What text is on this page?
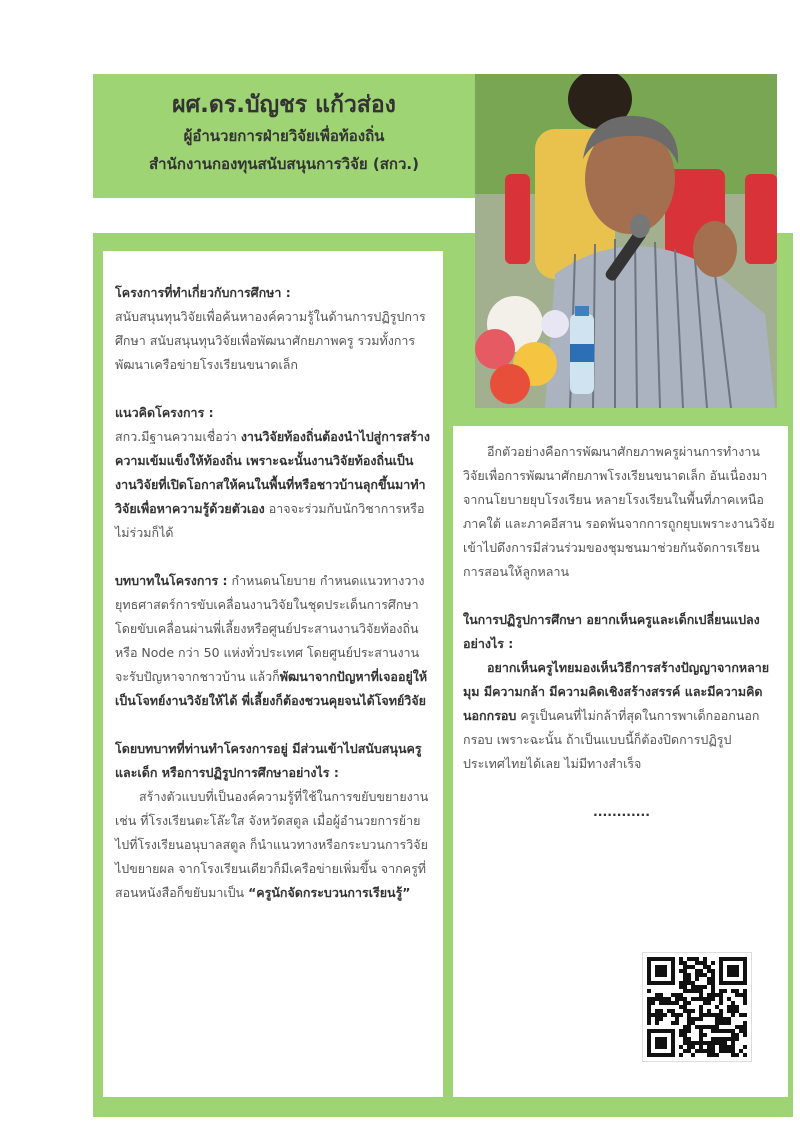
ผศ.ดร.บัญชร แก้วส่อง
ผู้อำนวยการฝ่ายวิจัยเพื่อท้องถิ่น
สำนักงานกองทุนสนับสนุนการวิจัย (สกว.)

โครงการที่ทำเกี่ยวกับการศึกษา :

สนับสนุนทุนวิจัยเพื่อค้นหาองค์ความรู้ในด้านการปฏิรูปการศึกษา สนับสนุนทุนวิจัยเพื่อพัฒนาศักยภาพครู รวมทั้งการพัฒนาเครือข่ายโรงเรียนขนาดเล็ก

แนวคิดโครงการ :

สกว.มีฐานความเชื่อว่า งานวิจัยท้องถิ่นต้องนำไปสู่การสร้างความเข้มแข็งให้ท้องถิ่น เพราะฉะนั้นงานวิจัยท้องถิ่นเป็นงานวิจัยที่เปิดโอกาสให้คนในพื้นที่หรือชาวบ้านลุกขึ้นมาทำวิจัยเพื่อหาความรู้ด้วยตัวเอง อาจจะร่วมกับนักวิชาการหรือไม่ร่วมก็ได้

บทบาทในโครงการ : กำหนดนโยบาย กำหนดแนวทางวางยุทธศาสตร์การขับเคลื่อนงานวิจัยในชุดประเด็นการศึกษา โดยขับเคลื่อนผ่านพี่เลี้ยงหรือศูนย์ประสานงานวิจัยท้องถิ่น หรือ Node กว่า 50 แห่งทั่วประเทศ โดยศูนย์ประสานงานจะรับปัญหาจากชาวบ้าน แล้วก็พัฒนาจากปัญหาที่เจออยู่ให้เป็นโจทย์งานวิจัยให้ได้ พี่เลี้ยงก็ต้องชวนคุยจนได้โจทย์วิจัย

โดยบทบาทที่ท่านทำโครงการอยู่ มีส่วนเข้าไปสนับสนุนครูและเด็ก หรือการปฏิรูปการศึกษาอย่างไร :

สร้างตัวแบบที่เป็นองค์ความรู้ที่ใช้ในการขยับขยายงาน เช่น ที่โรงเรียนตะโล๊ะใส จังหวัดสตูล เมื่อผู้อำนวยการย้ายไปที่โรงเรียนอนุบาลสตูล ก็นำแนวทางหรือกระบวนการวิจัยไปขยายผล จากโรงเรียนเดียวก็มีเครือข่ายเพิ่มขึ้น จากครูที่สอนหนังสือก็ขยับมาเป็น “ครูนักจัดกระบวนการเรียนรู้”

อีกตัวอย่างคือการพัฒนาศักยภาพครูผ่านการทำงานวิจัยเพื่อการพัฒนาศักยภาพโรงเรียนขนาดเล็ก อันเนื่องมาจากนโยบายยุบโรงเรียน หลายโรงเรียนในพื้นที่ภาคเหนือ ภาคใต้ และภาคอีสาน รอดพ้นจากการถูกยุบเพราะงานวิจัยเข้าไปดึงการมีส่วนร่วมของชุมชนมาช่วยกันจัดการเรียนการสอนให้ลูกหลาน

ในการปฏิรูปการศึกษา อยากเห็นครูและเด็กเปลี่ยนแปลงอย่างไร :

อยากเห็นครูไทยมองเห็นวิธีการสร้างปัญญาจากหลายมุม มีความกล้า มีความคิดเชิงสร้างสรรค์ และมีความคิดนอกกรอบ ครูเป็นคนที่ไม่กล้าที่สุดในการพาเด็กออกนอกกรอบ เพราะฉะนั้น ถ้าเป็นแบบนี้ก็ต้องปิดการปฏิรูปประเทศไทยได้เลย ไม่มีทางสำเร็จ

............
